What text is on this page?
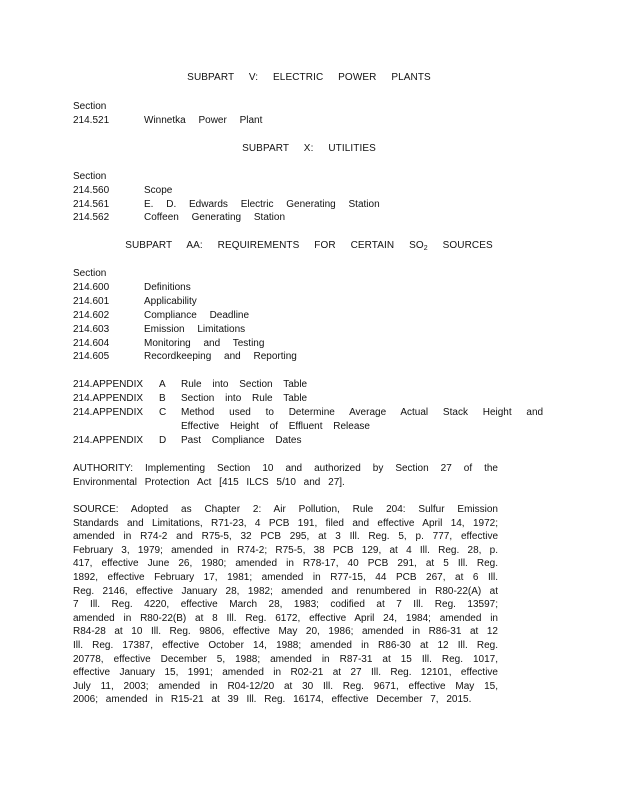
SUBPART V: ELECTRIC POWER PLANTS
Section
214.521	Winnetka Power Plant
SUBPART X: UTILITIES
Section
214.560	Scope
214.561	E. D. Edwards Electric Generating Station
214.562	Coffeen Generating Station
SUBPART AA: REQUIREMENTS FOR CERTAIN $SO_2$ SOURCES
Section
214.600	Definitions
214.601	Applicability
214.602	Compliance Deadline
214.603	Emission Limitations
214.604	Monitoring and Testing
214.605	Recordkeeping and Reporting
214.APPENDIX A Rule into Section Table
214.APPENDIX B Section into Rule Table
214.APPENDIX C Method used to Determine Average Actual Stack Height and
Effective Height of Effluent Release
214.APPENDIX D Past Compliance Dates
AUTHORITY: Implementing Section 10 and authorized by Section 27 of the Environmental Protection Act [415 ILCS 5/10 and 27].
SOURCE: Adopted as Chapter 2: Air Pollution, Rule 204: Sulfur Emission Standards and Limitations, R71-23, 4 PCB 191, filed and effective April 14, 1972; amended in R74-2 and R75-5, 32 PCB 295, at 3 Ill. Reg. 5, p. 777, effective February 3, 1979; amended in R74-2; R75-5, 38 PCB 129, at 4 Ill. Reg. 28, p. 417, effective June 26, 1980; amended in R78-17, 40 PCB 291, at 5 Ill. Reg. 1892, effective February 17, 1981; amended in R77-15, 44 PCB 267, at 6 Ill. Reg. 2146, effective January 28, 1982; amended and renumbered in R80-22(A) at 7 Ill. Reg. 4220, effective March 28, 1983; codified at 7 Ill. Reg. 13597; amended in R80-22(B) at 8 Ill. Reg. 6172, effective April 24, 1984; amended in R84-28 at 10 Ill. Reg. 9806, effective May 20, 1986; amended in R86-31 at 12 Ill. Reg. 17387, effective October 14, 1988; amended in R86-30 at 12 Ill. Reg. 20778, effective December 5, 1988; amended in R87-31 at 15 Ill. Reg. 1017, effective January 15, 1991; amended in R02-21 at 27 Ill. Reg. 12101, effective July 11, 2003; amended in R04-12/20 at 30 Ill. Reg. 9671, effective May 15, 2006; amended in R15-21 at 39 Ill. Reg. 16174, effective December 7, 2015.
